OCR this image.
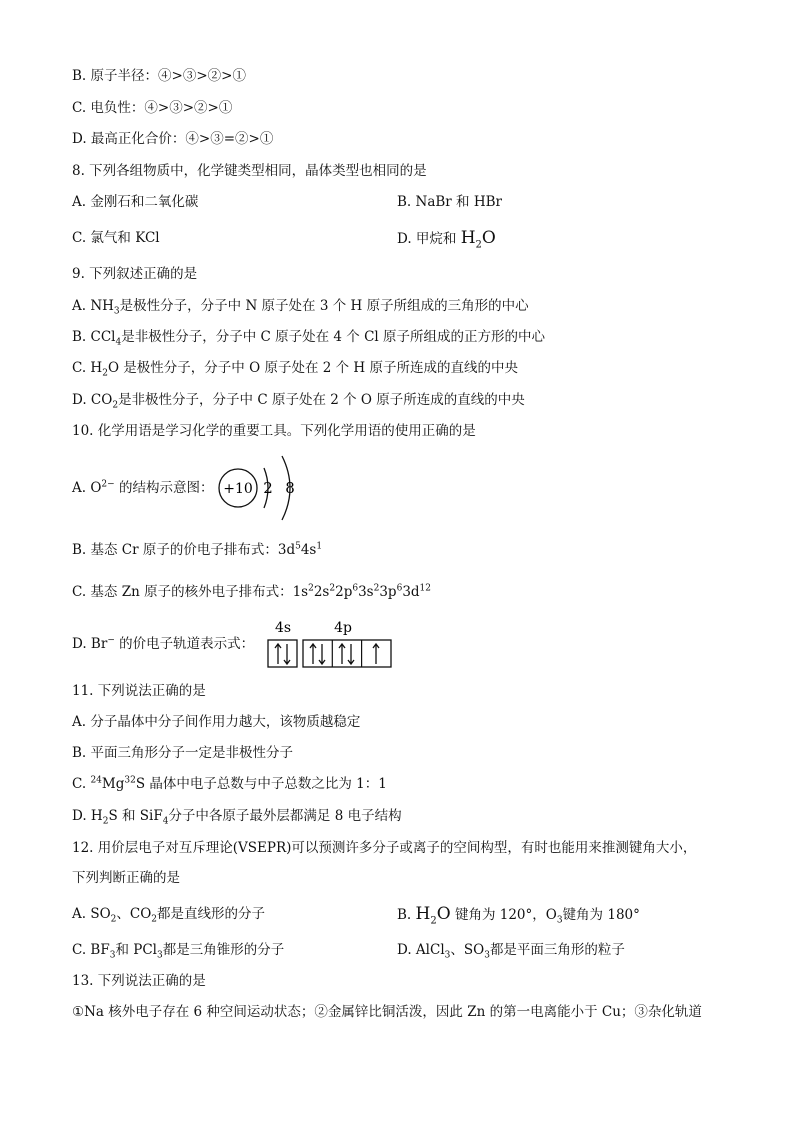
B. 原子半径：④>③>②>①
C. 电负性：④>③>②>①
D. 最高正化合价：④>③=②>①
8. 下列各组物质中，化学键类型相同，晶体类型也相同的是
A. 金刚石和二氧化碳	B. NaBr 和 HBr
C. 氯气和 KCl	D. 甲烷和 $H_2O$
9. 下列叙述正确的是
A. $NH_3$是极性分子，分子中 N 原子处在 3 个 H 原子所组成的三角形的中心
B. CCl$_4$是非极性分子，分子中 C 原子处在 4 个 Cl 原子所组成的正方形的中心
C. $H_2O$ 是极性分子，分子中 O 原子处在 2 个 H 原子所连成的直线的中央
D. $CO_2$是非极性分子，分子中 C 原子处在 2 个 O 原子所连成的直线的中央
10. 化学用语是学习化学的重要工具。下列化学用语的使用正确的是
A. $O^{2-}$ 的结构示意图： +10 2 8
B. 基态 Cr 原子的价电子排布式：$3d^54s^1$
C. 基态 Zn 原子的核外电子排布式：$1s^22s^22p^63s^23p^63d^{12}$
D. Br− 的价电子轨道表示式：
4s	4p
11. 下列说法正确的是
A. 分子晶体中分子间作用力越大，该物质越稳定
B. 平面三角形分子一定是非极性分子
C. $^{24}$Mg$^{32}$S 晶体中电子总数与中子总数之比为 1：1
D. $H_2S$ 和 SiF$_4$分子中各原子最外层都满足 8 电子结构
12. 用价层电子对互斥理论(VSEPR)可以预测许多分子或离子的空间构型，有时也能用来推测键角大小，
下列判断正确的是
A. $SO_2$、$CO_2$都是直线形的分子	B. $H_2O$ 键角为 120°，$O_3$键角为 180°
C. $BF_3$和 PCl$_3$都是三角锥形的分子	D. AlCl$_3$、$SO_3$都是平面三角形的粒子
13. 下列说法正确的是
①Na 核外电子存在 6 种空间运动状态；②金属锌比铜活泼，因此 Zn 的第一电离能小于 Cu；③杂化轨道
